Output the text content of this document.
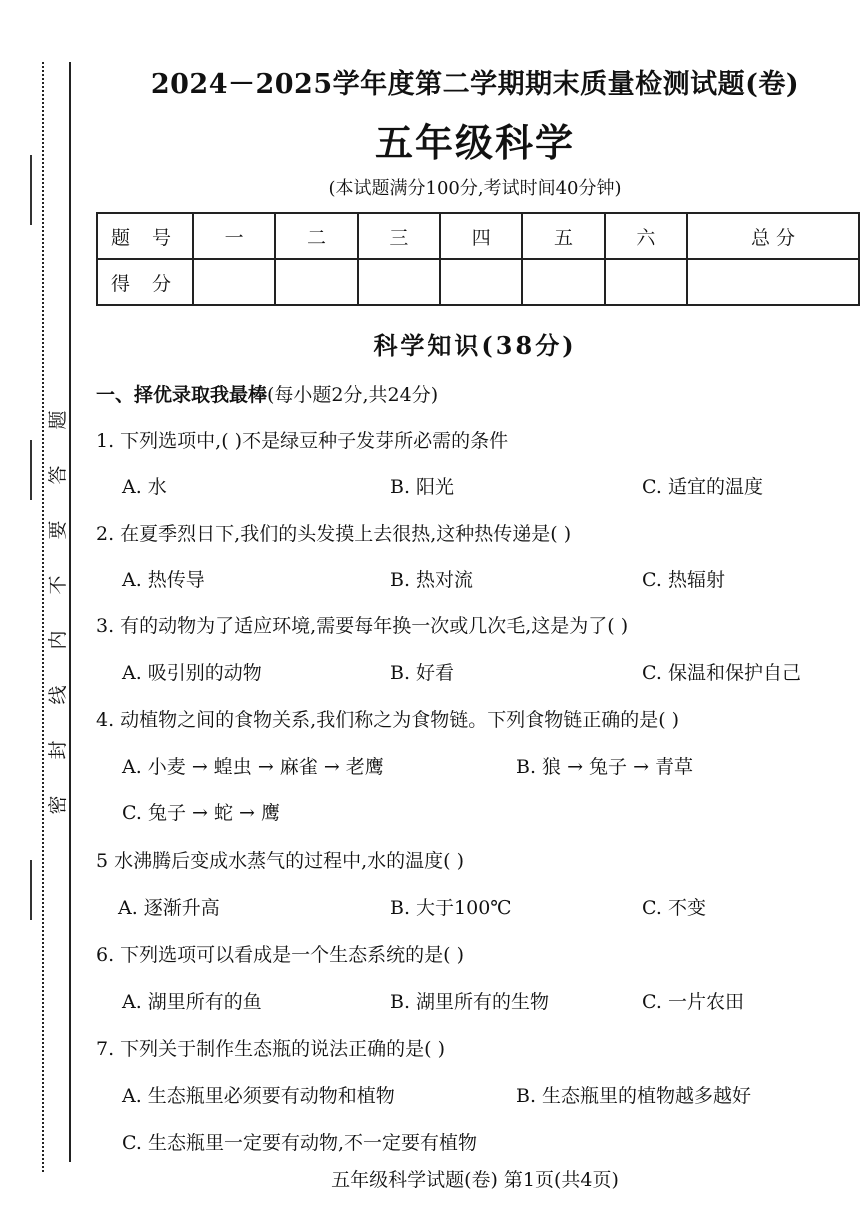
题
答
要
不
内
线
封
密
2024－2025学年度第二学期期末质量检测试题(卷)
五年级科学
(本试题满分100分,考试时间40分钟)
题 号	一	二	三	四	五	六	总 分
得 分							
科学知识(38分)
一、择优录取我最棒(每小题2分,共24分)
1. 下列选项中,( )不是绿豆种子发芽所必需的条件
A. 水	B. 阳光	C. 适宜的温度
2. 在夏季烈日下,我们的头发摸上去很热,这种热传递是( )
A. 热传导	B. 热对流	C. 热辐射
3. 有的动物为了适应环境,需要每年换一次或几次毛,这是为了( )
A. 吸引别的动物	B. 好看	C. 保温和保护自己
4. 动植物之间的食物关系,我们称之为食物链。下列食物链正确的是( )
A. 小麦 → 蝗虫 → 麻雀 → 老鹰	B. 狼 → 兔子 → 青草
C. 兔子 → 蛇 → 鹰
5 水沸腾后变成水蒸气的过程中,水的温度( )
A. 逐渐升高	B. 大于100℃	C. 不变
6. 下列选项可以看成是一个生态系统的是( )
A. 湖里所有的鱼	B. 湖里所有的生物	C. 一片农田
7. 下列关于制作生态瓶的说法正确的是( )
A. 生态瓶里必须要有动物和植物	B. 生态瓶里的植物越多越好
C. 生态瓶里一定要有动物,不一定要有植物
五年级科学试题(卷) 第1页(共4页)
